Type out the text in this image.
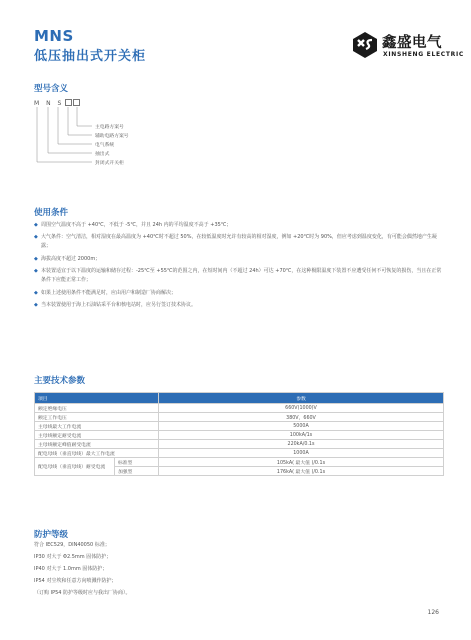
MNS
低压抽出式开关柜
鑫盛电气
XINSHENG ELECTRIC
型号含义
M N S
主电路方案号
辅助电路方案号
电气系统
抽出式
封闭式开关柜
使用条件
◆ 周围空气温度不高于 +40℃，不低于 -5℃，并且 24h 内的平均温度不高于 +35℃；
◆ 大气条件：空气清洁，相对湿度在最高温度为 +40℃时不超过 50%，在较低温度时允许有较高的相对湿度，例如 +20℃时为 90%，但应考虑到温度变化，有可能会偶然地产生凝露；
◆ 海拔高度不超过 2000m；
◆ 本装置适宜于以下温度的运输和储存过程：-25℃至 +55℃的范围之内，在短时间内（不超过 24h）可达 +70℃，在这种极限温度下装置不应遭受任何不可恢复的损伤，当且在正常条件下应能正常工作；
◆ 如果上述使用条件不能满足时，应由用户和制造厂协商解决；
◆ 当本装置使用于海上石油钻采平台和核电站时，应另行签订技术协议。
主要技术参数
项目		参数
额定绝缘电压		660V(1000)V
额定工作电压		380V，660V
主母线最大工作电流		5000A
主母线额定耐受电流		100kA/1s
主母线额定峰值耐受电流		220kA/0.1s
配电母线（垂直母线）最大工作电流		1000A
配电母线（垂直母线）耐受电流	标准型	105kA( 最大值 )/0.1s
	加强型	176kA( 最大值 )/0.1s
防护等级
符合 IEC529，DIN40050 标准；
IP30 对大于 Φ2.5mm 固体防护；
IP40 对大于 1.0mm 固体防护；
IP54 对尘埃和任意方向喷溅作防护；
（订购 IP54 防护等级时应与我出厂协商）。
126
